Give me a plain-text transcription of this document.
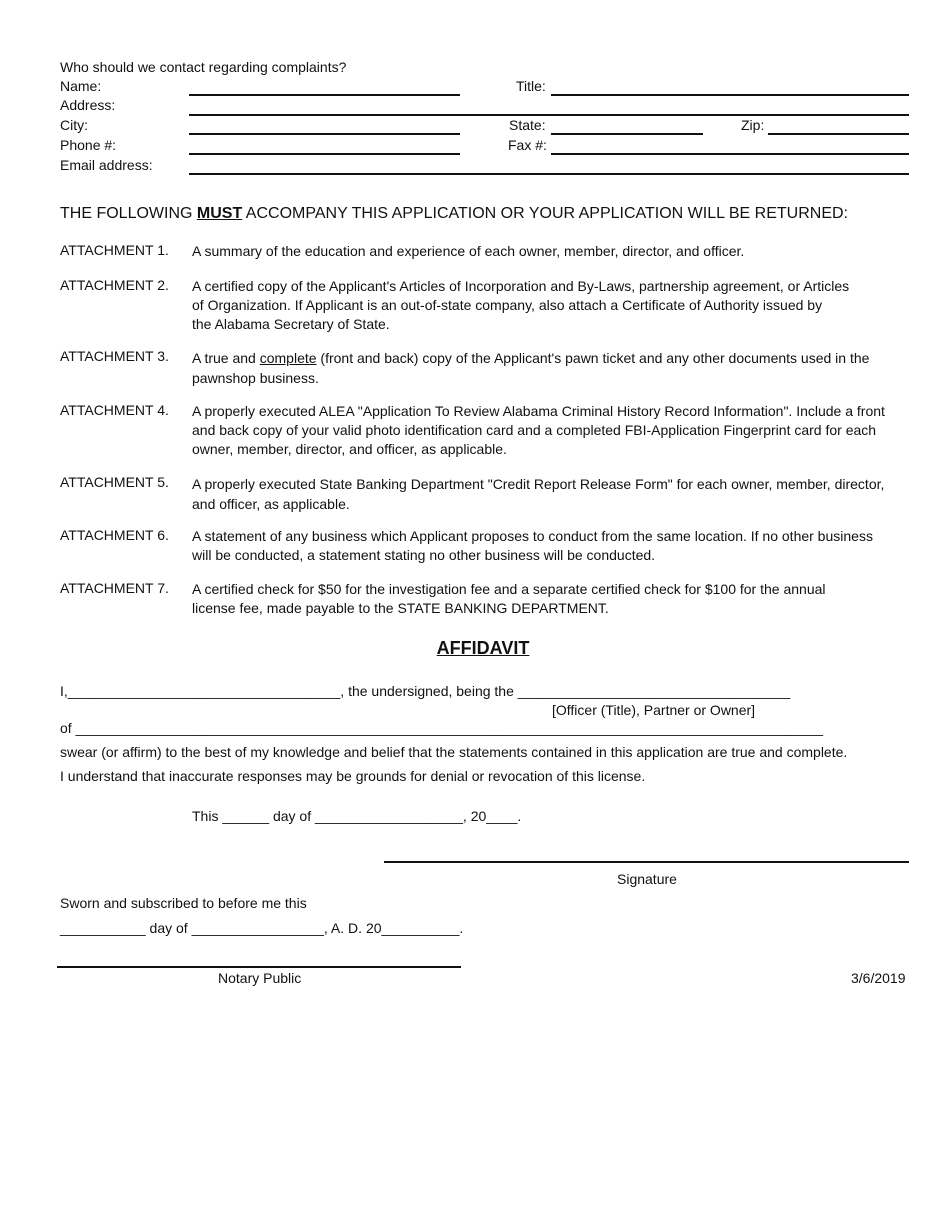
Who should we contact regarding complaints?
Name:	Title:
Address:
City:	State:	Zip:
Phone #:	Fax #:
Email address:
THE FOLLOWING MUST ACCOMPANY THIS APPLICATION OR YOUR APPLICATION WILL BE RETURNED:
ATTACHMENT 1. A summary of the education and experience of each owner, member, director, and officer.
ATTACHMENT 2. A certified copy of the Applicant's Articles of Incorporation and By-Laws, partnership agreement, or Articles
of Organization. If Applicant is an out-of-state company, also attach a Certificate of Authority issued by
the Alabama Secretary of State.
ATTACHMENT 3. A true and complete (front and back) copy of the Applicant's pawn ticket and any other documents used in the
pawnshop business.
ATTACHMENT 4. A properly executed ALEA "Application To Review Alabama Criminal History Record Information". Include a front
and back copy of your valid photo identification card and a completed FBI-Application Fingerprint card for each
owner, member, director, and officer, as applicable.
ATTACHMENT 5. A properly executed State Banking Department "Credit Report Release Form" for each owner, member, director,
and officer, as applicable.
ATTACHMENT 6. A statement of any business which Applicant proposes to conduct from the same location. If no other business
will be conducted, a statement stating no other business will be conducted.
ATTACHMENT 7. A certified check for $50 for the investigation fee and a separate certified check for $100 for the annual
license fee, made payable to the STATE BANKING DEPARTMENT.
AFFIDAVIT
I,___________________________________, the undersigned, being the ___________________________________
[Officer (Title), Partner or Owner]
of ________________________________________________________________________________________________
swear (or affirm) to the best of my knowledge and belief that the statements contained in this application are true and complete.
I understand that inaccurate responses may be grounds for denial or revocation of this license.
This ______ day of ___________________, 20____.
Signature
Sworn and subscribed to before me this
___________ day of _________________, A. D. 20__________.
Notary Public	3/6/2019
